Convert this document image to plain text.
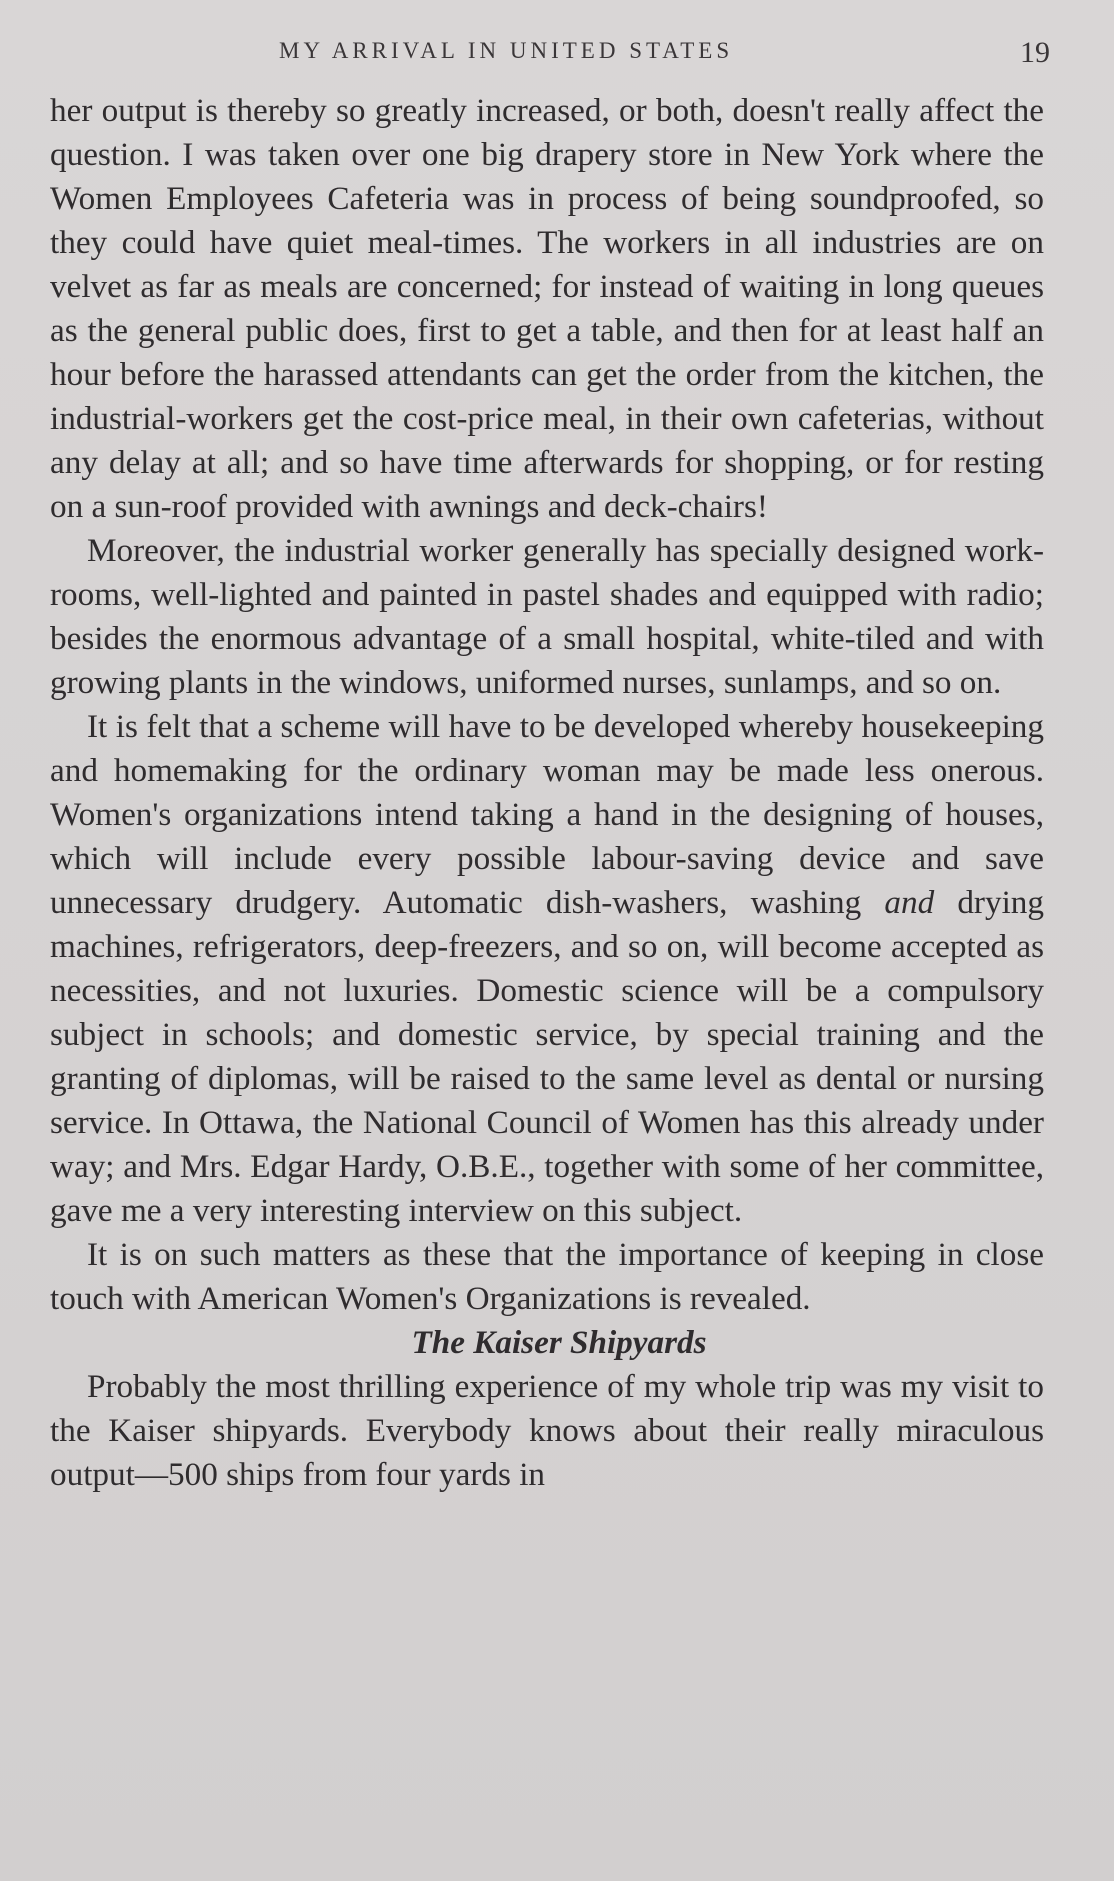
MY ARRIVAL IN UNITED STATES	19

her output is thereby so greatly increased, or both, doesn't really affect the question. I was taken over one big drapery store in New York where the Women Employees Cafeteria was in process of being soundproofed, so they could have quiet meal-times. The workers in all industries are on velvet as far as meals are concerned; for instead of waiting in long queues as the general public does, first to get a table, and then for at least half an hour before the harassed attendants can get the order from the kitchen, the industrial-workers get the cost-price meal, in their own cafeterias, without any delay at all; and so have time afterwards for shopping, or for resting on a sun-roof provided with awnings and deck-chairs!

Moreover, the industrial worker generally has specially designed work-rooms, well-lighted and painted in pastel shades and equipped with radio; besides the enormous advantage of a small hospital, white-tiled and with growing plants in the windows, uniformed nurses, sunlamps, and so on.

It is felt that a scheme will have to be developed whereby housekeeping and homemaking for the ordinary woman may be made less onerous. Women's organizations intend taking a hand in the designing of houses, which will include every possible labour-saving device and save unnecessary drudgery. Automatic dish-washers, washing and drying machines, refrigerators, deep-freezers, and so on, will become accepted as necessities, and not luxuries. Domestic science will be a compulsory subject in schools; and domestic service, by special training and the granting of diplomas, will be raised to the same level as dental or nursing service. In Ottawa, the National Council of Women has this already under way; and Mrs. Edgar Hardy, O.B.E., together with some of her committee, gave me a very interesting interview on this subject.

It is on such matters as these that the importance of keeping in close touch with American Women's Organizations is revealed.

The Kaiser Shipyards

Probably the most thrilling experience of my whole trip was my visit to the Kaiser shipyards. Everybody knows about their really miraculous output—500 ships from four yards in
